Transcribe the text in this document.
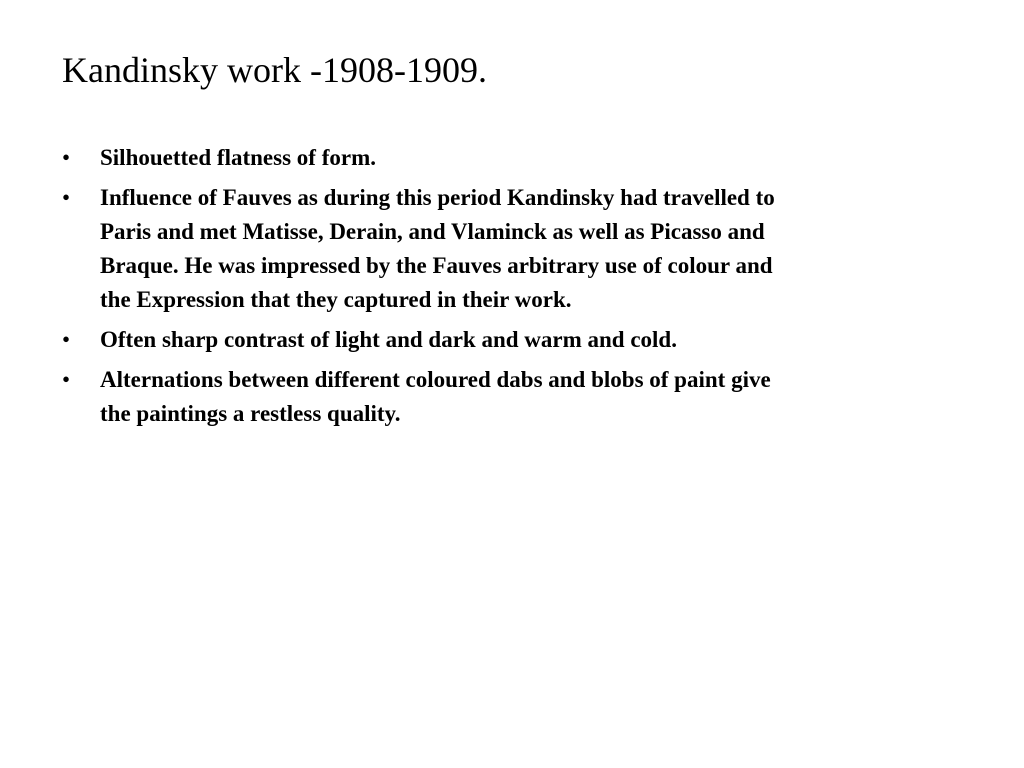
Kandinsky work -1908-1909.
•	Silhouetted flatness of form.
•	Influence of Fauves as during this period Kandinsky had travelled to
Paris and met Matisse, Derain, and Vlaminck as well as Picasso and
Braque. He was impressed by the Fauves arbitrary use of colour and
the Expression that they captured in their work.
•	Often sharp contrast of light and dark and warm and cold.
•	Alternations between different coloured dabs and blobs of paint give
the paintings a restless quality.
